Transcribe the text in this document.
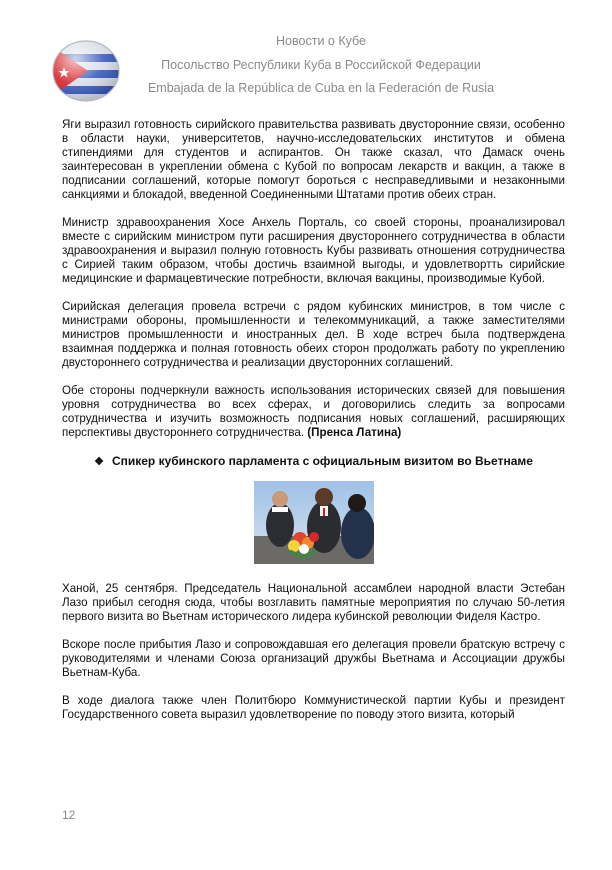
Новости о Кубе
Посольство Республики Куба в Российской Федерации
Embajada de la República de Cuba en la Federación de Rusia

Яги выразил готовность сирийского правительства развивать двусторонние связи, особенно в области науки, университетов, научно-исследовательских институтов и обмена стипендиями для студентов и аспирантов. Он также сказал, что Дамаск очень заинтересован в укреплении обмена с Кубой по вопросам лекарств и вакцин, а также в подписании соглашений, которые помогут бороться с несправедливыми и незаконными санкциями и блокадой, введенной Соединенными Штатами против обеих стран.

Министр здравоохранения Хосе Анхель Порталь, со своей стороны, проанализировал вместе с сирийским министром пути расширения двустороннего сотрудничества в области здравоохранения и выразил полную готовность Кубы развивать отношения сотрудничества с Сирией таким образом, чтобы достичь взаимной выгоды, и удовлетвортть сирийские медицинские и фармацевтические потребности, включая вакцины, производимые Кубой.

Сирийская делегация провела встречи с рядом кубинских министров, в том числе с министрами обороны, промышленности и телекоммуникаций, а также заместителями министров промышленности и иностранных дел. В ходе встреч была подтверждена взаимная поддержка и полная готовность обеих сторон продолжать работу по укреплению двустороннего сотрудничества и реализации двусторонних соглашений.

Обе стороны подчеркнули важность использования исторических связей для повышения уровня сотрудничества во всех сферах, и договорились следить за вопросами сотрудничества и изучить возможность подписания новых соглашений, расширяющих перспективы двустороннего сотрудничества. (Пренса Латина)

❖ Спикер кубинского парламента с официальным визитом во Вьетнаме

Ханой, 25 сентября. Председатель Национальной ассамблеи народной власти Эстебан Лазо прибыл сегодня сюда, чтобы возглавить памятные мероприятия по случаю 50-летия первого визита во Вьетнам исторического лидера кубинской революции Фиделя Кастро.

Вскоре после прибытия Лазо и сопровождавшая его делегация провели братскую встречу с руководителями и членами Союза организаций дружбы Вьетнама и Ассоциации дружбы Вьетнам-Куба.

В ходе диалога также член Политбюро Коммунистической партии Кубы и президент Государственного совета выразил удовлетворение по поводу этого визита, который

12
